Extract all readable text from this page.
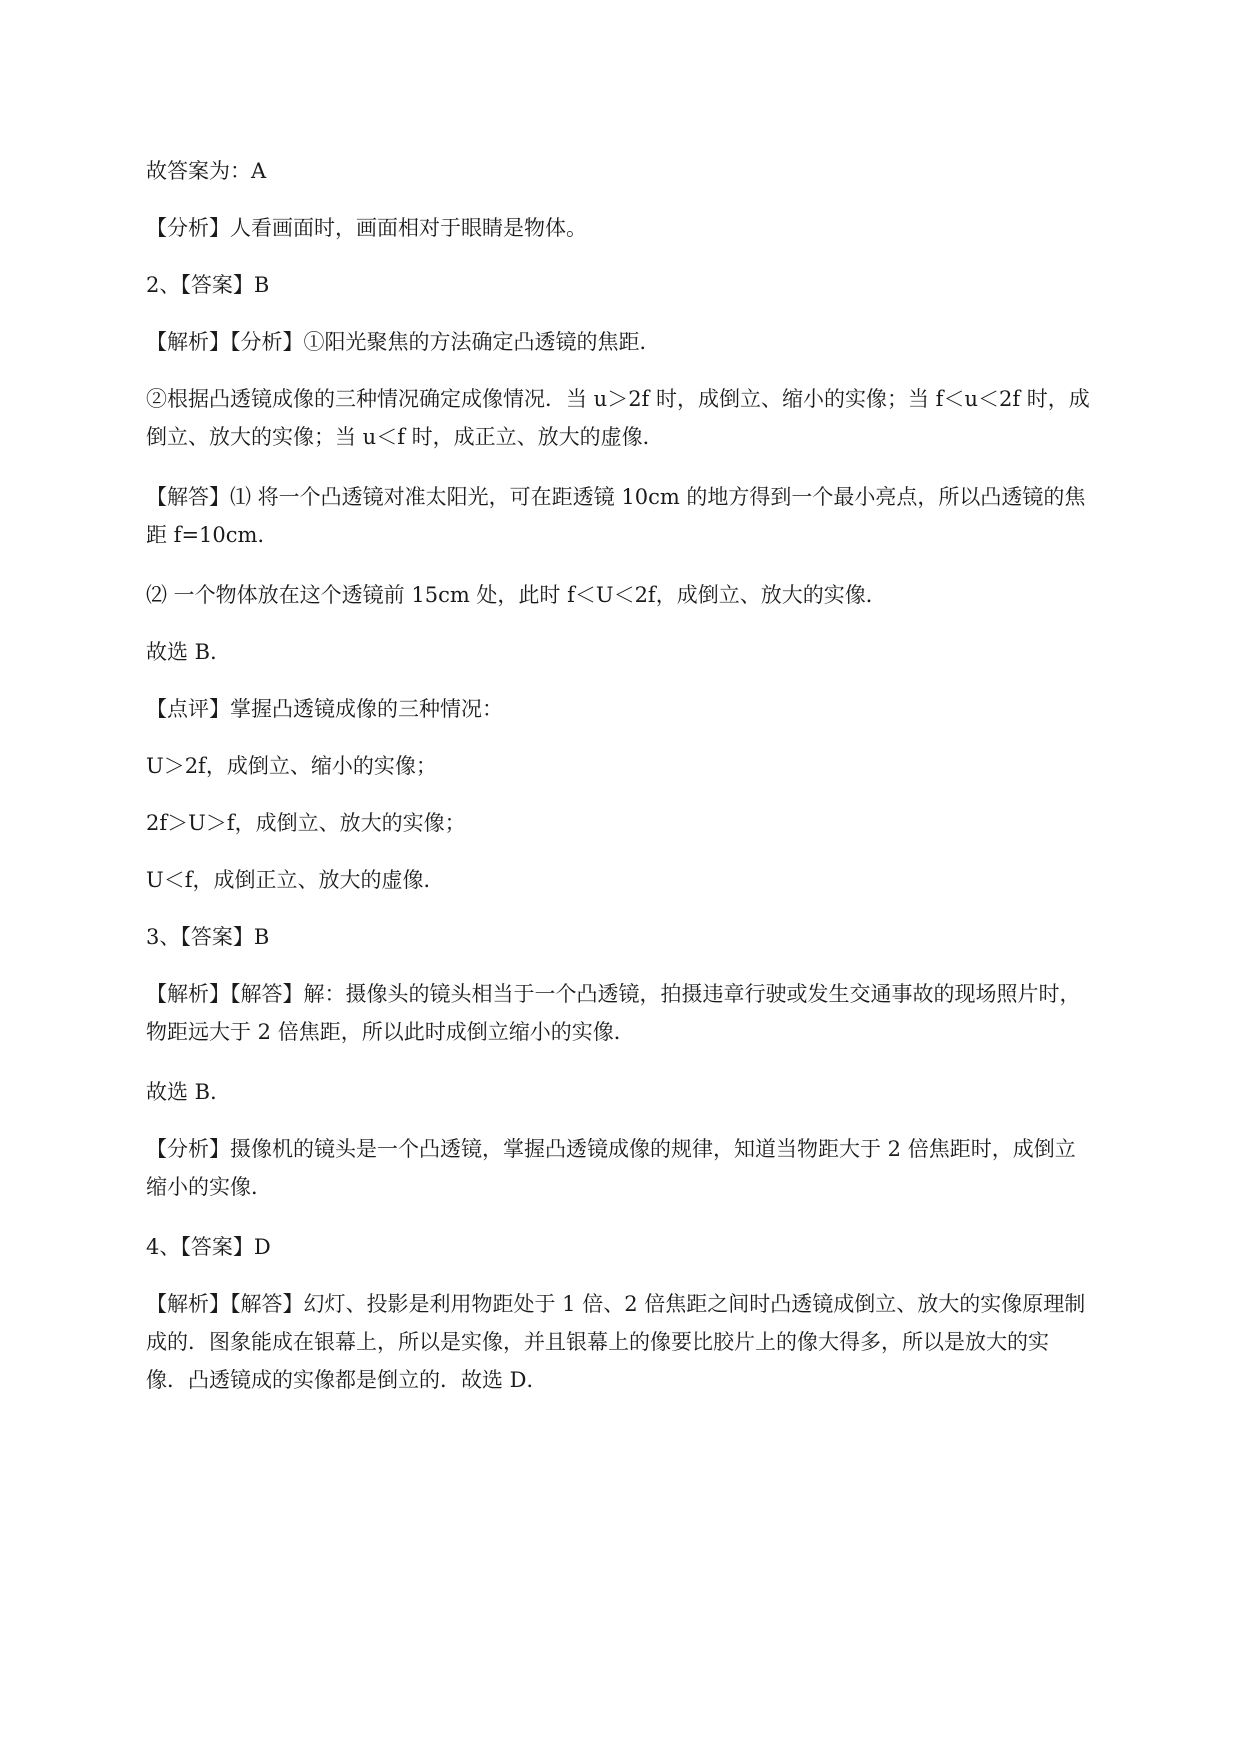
故答案为：A
【分析】人看画面时，画面相对于眼睛是物体。
2、【答案】B
【解析】【分析】①阳光聚焦的方法确定凸透镜的焦距．
②根据凸透镜成像的三种情况确定成像情况．当 u＞2f 时，成倒立、缩小的实像；当 f＜u＜2f 时，成
倒立、放大的实像；当 u＜f 时，成正立、放大的虚像．
【解答】⑴ 将一个凸透镜对准太阳光，可在距透镜 10cm 的地方得到一个最小亮点，所以凸透镜的焦
距 f=10cm．
⑵ 一个物体放在这个透镜前 15cm 处，此时 f＜U＜2f，成倒立、放大的实像．
故选 B．
【点评】掌握凸透镜成像的三种情况：
U＞2f，成倒立、缩小的实像；
2f＞U＞f，成倒立、放大的实像；
U＜f，成倒正立、放大的虚像．
3、【答案】B
【解析】【解答】解：摄像头的镜头相当于一个凸透镜，拍摄违章行驶或发生交通事故的现场照片时，
物距远大于 2 倍焦距，所以此时成倒立缩小的实像．
故选 B．
【分析】摄像机的镜头是一个凸透镜，掌握凸透镜成像的规律，知道当物距大于 2 倍焦距时，成倒立
缩小的实像．
4、【答案】D
【解析】【解答】幻灯、投影是利用物距处于 1 倍、2 倍焦距之间时凸透镜成倒立、放大的实像原理制
成的．图象能成在银幕上，所以是实像，并且银幕上的像要比胶片上的像大得多，所以是放大的实
像．凸透镜成的实像都是倒立的．故选 D．
